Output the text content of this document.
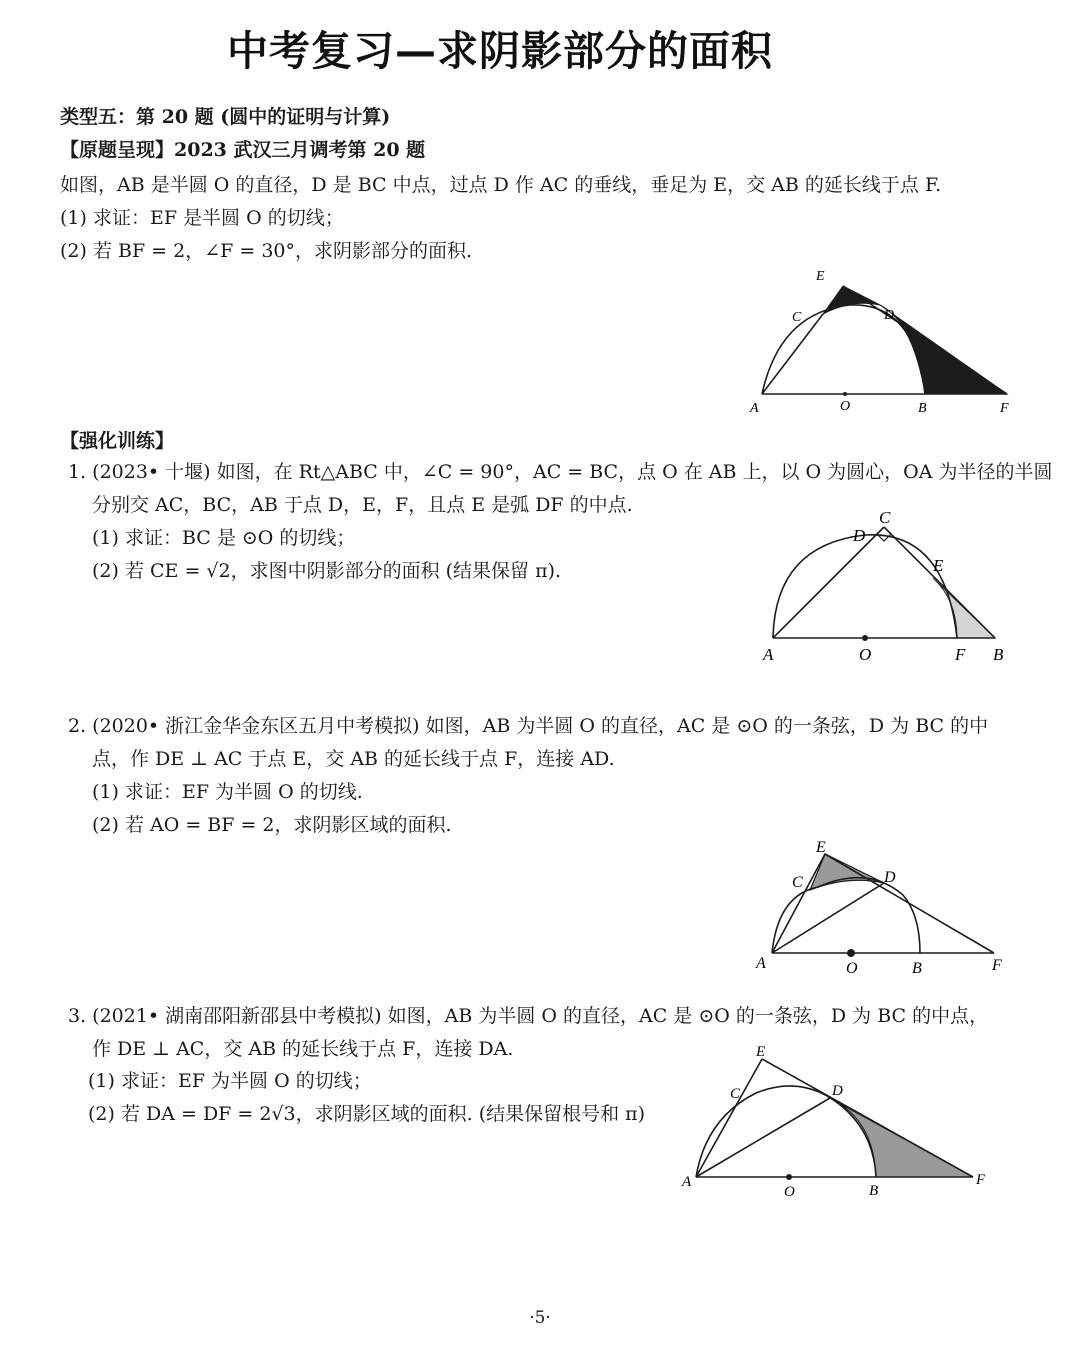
中考复习—求阴影部分的面积
类型五：第 20 题 (圆中的证明与计算)
【原题呈现】2023 武汉三月调考第 20 题
如图，AB 是半圆 O 的直径，D 是 BC 中点，过点 D 作 AC 的垂线，垂足为 E，交 AB 的延长线于点 F.
(1) 求证：EF 是半圆 O 的切线；
(2) 若 BF = 2，∠F = 30°，求阴影部分的面积.
E
C	D
A	O	B	F
【强化训练】
1. (2023• 十堰) 如图，在 Rt△ABC 中，∠C = 90°，AC = BC，点 O 在 AB 上，以 O 为圆心，OA 为半径的半圆
分别交 AC，BC，AB 于点 D，E，F，且点 E 是弧 DF 的中点.
(1) 求证：BC 是 ⊙O 的切线；
(2) 若 CE = √2，求图中阴影部分的面积 (结果保留 π).
C
D
E
A	O	F B
2. (2020• 浙江金华金东区五月中考模拟) 如图，AB 为半圆 O 的直径，AC 是 ⊙O 的一条弦，D 为 BC 的中
点，作 DE ⊥ AC 于点 E，交 AB 的延长线于点 F，连接 AD.
(1) 求证：EF 为半圆 O 的切线.
(2) 若 AO = BF = 2，求阴影区域的面积.
E
C	D
A	O	B	F
3. (2021• 湖南邵阳新邵县中考模拟) 如图，AB 为半圆 O 的直径，AC 是 ⊙O 的一条弦，D 为 BC 的中点，
作 DE ⊥ AC，交 AB 的延长线于点 F，连接 DA.
(1) 求证：EF 为半圆 O 的切线；
(2) 若 DA = DF = 2√3，求阴影区域的面积. (结果保留根号和 π)
E
C	D
A
O	B
F
·5·
